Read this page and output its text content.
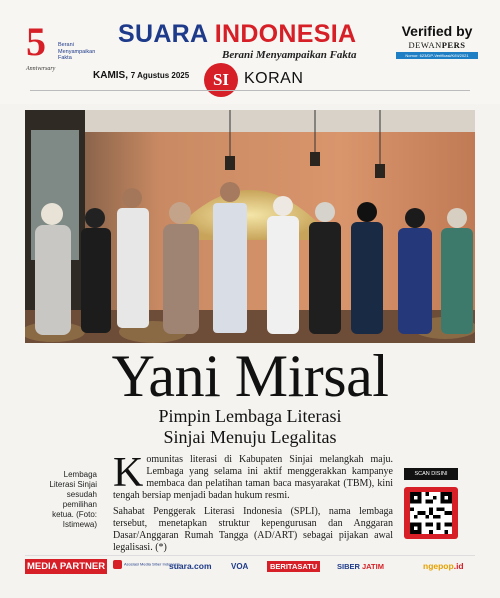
5 Berani Menyampaikan Fakta
Anniversary
SUARA INDONESIA
Berani Menyampaikan Fakta
Verified by
DEWANPERS
Nomor: 623/DP-Verifikasi/K/III/2021
KAMIS, 7 Agustus 2025	SI KORAN
Yani Mirsal
Pimpin Lembaga Literasi
Sinjai Menuju Legalitas
Lembaga Literasi Sinjai sesudah pemilihan ketua. (Foto: Istimewa)

K omunitas literasi di Kabupaten Sinjai melangkah maju. Lembaga yang selama ini aktif menggerakkan kampanye membaca dan pelatihan taman baca masyarakat (TBM), kini tengah bersiap menjadi badan hukum resmi.

Sahabat Penggerak Literasi Indonesia (SPLI), nama lembaga tersebut, menetapkan struktur kepengurusan dan Anggaran Dasar/Anggaran Rumah Tangga (AD/ART) sebagai pijakan awal legalisasi. (*)

SCAN DISINI
MEDIA PARTNER	Asosiasi Media Siber Indonesia
suara.com VOA	BERITASATU	SIBER JATIM	ngepop.id
